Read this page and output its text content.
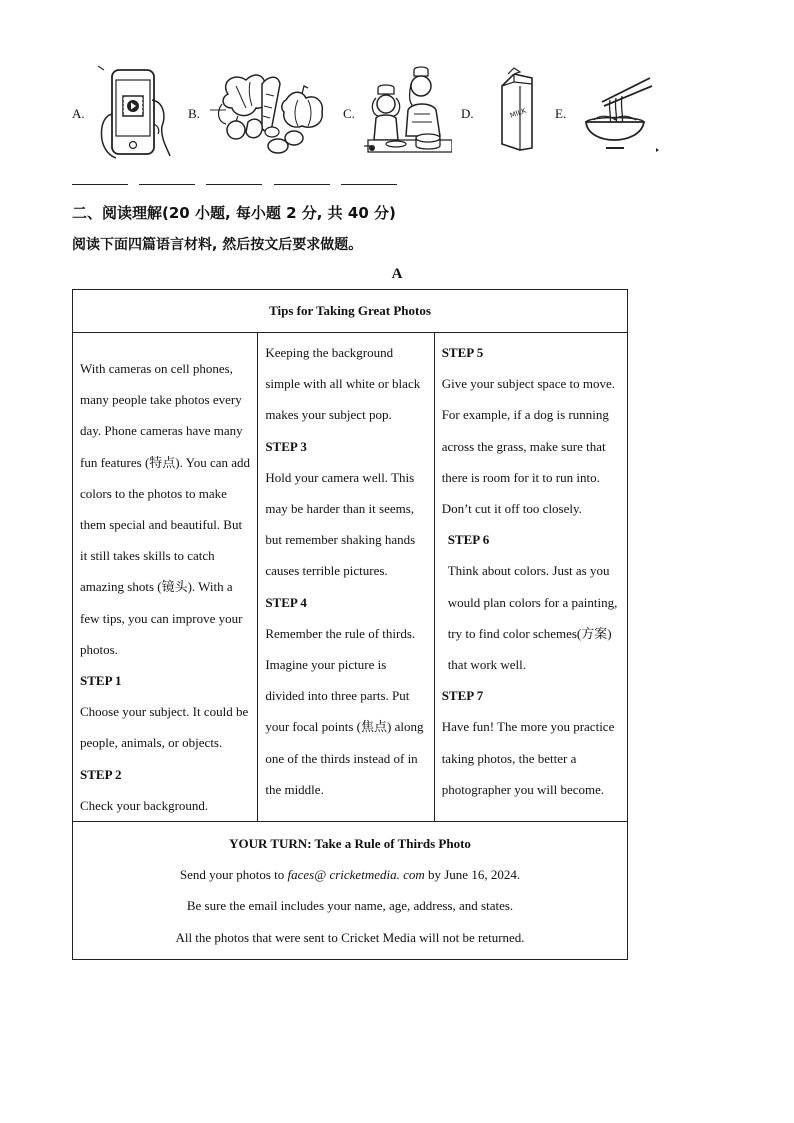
A.	B.	C.	D.	E.
MILK
二、阅读理解(20 小题, 每小题 2 分, 共 40 分)
阅读下面四篇语言材料, 然后按文后要求做题。
A
Tips for Taking Great Photos

With cameras on cell phones, many people take photos every day. Phone cameras have many fun features (特点). You can add colors to the photos to make them special and beautiful. But it still takes skills to catch amazing shots (镜头). With a few tips, you can improve your photos.
STEP 1
Choose your subject. It could be people, animals, or objects.
STEP 2
Check your background.

Keeping the background simple with all white or black makes your subject pop.
STEP 3
Hold your camera well. This may be harder than it seems, but remember shaking hands causes terrible pictures.
STEP 4
Remember the rule of thirds. Imagine your picture is divided into three parts. Put your focal points (焦点) along one of the thirds instead of in the middle.

STEP 5
Give your subject space to move. For example, if a dog is running across the grass, make sure that there is room for it to run into. Don’t cut it off too closely.
STEP 6
Think about colors. Just as you would plan colors for a painting, try to find color schemes(方案) that work well.
STEP 7
Have fun! The more you practice taking photos, the better a photographer you will become.

YOUR TURN: Take a Rule of Thirds Photo
Send your photos to faces@ cricketmedia. com by June 16, 2024.
Be sure the email includes your name, age, address, and states.
All the photos that were sent to Cricket Media will not be returned.
